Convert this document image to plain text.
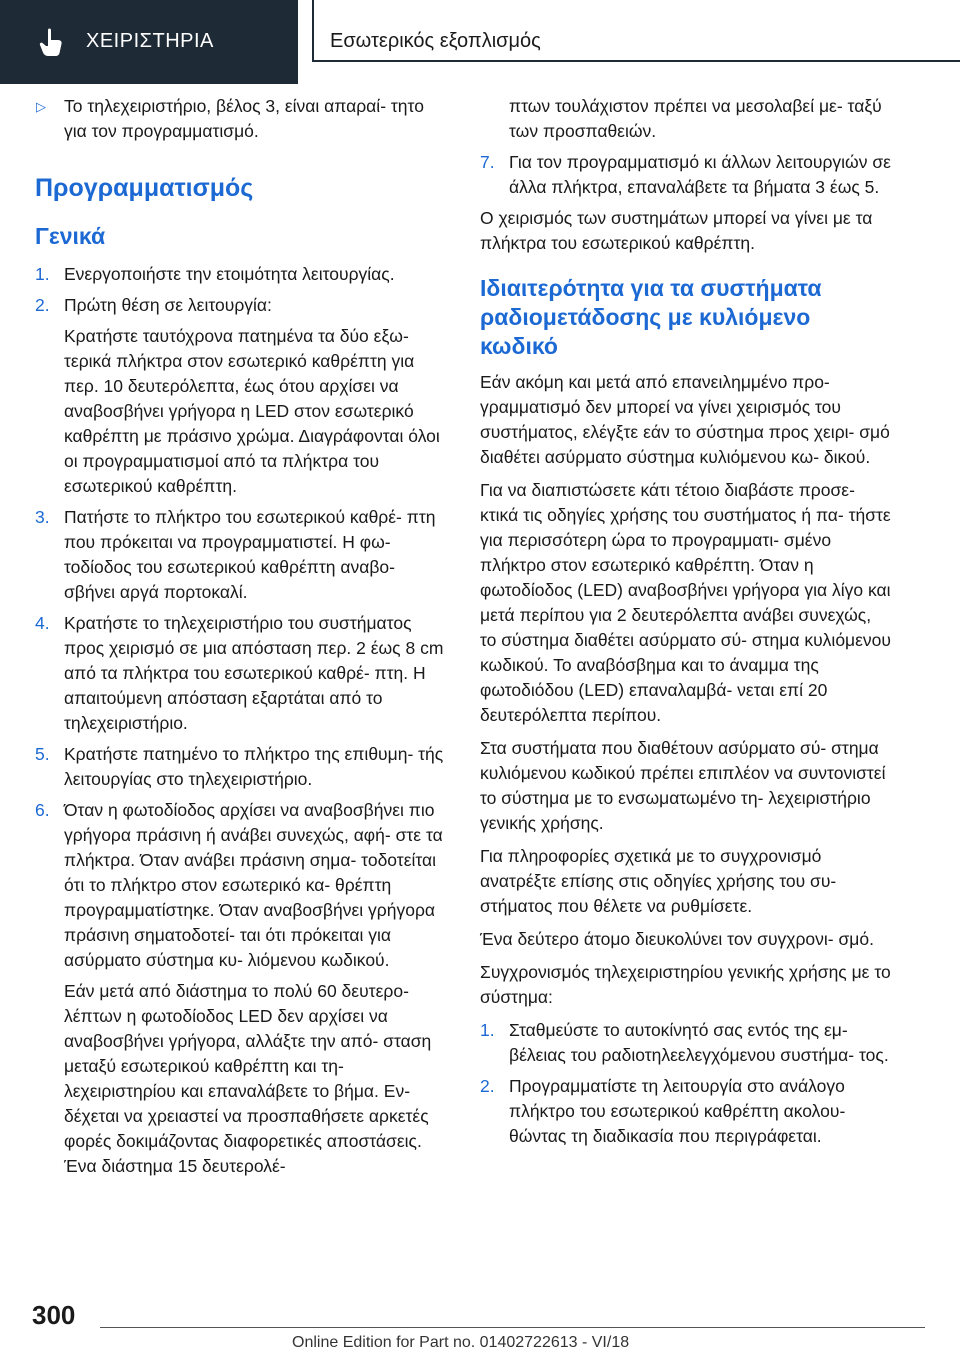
ΧΕΙΡΙΣΤΗΡΙΑ	Εσωτερικός εξοπλισμός

▷ Το τηλεχειριστήριο, βέλος 3, είναι απαραί- τητο για τον προγραμματισμό.

Προγραμματισμός
Γενικά

1. Ενεργοποιήστε την ετοιμότητα λειτουργίας.

2. Πρώτη θέση σε λειτουργία:

Κρατήστε ταυτόχρονα πατημένα τα δύο εξω- τερικά πλήκτρα στον εσωτερικό καθρέπτη για περ. 10 δευτερόλεπτα, έως ότου αρχίσει να αναβοσβήνει γρήγορα η LED στον εσωτερικό καθρέπτη με πράσινο χρώμα. Διαγράφονται όλοι οι προγραμματισμοί από τα πλήκτρα του εσωτερικού καθρέπτη.

3. Πατήστε το πλήκτρο του εσωτερικού καθρέ- πτη που πρόκειται να προγραμματιστεί. Η φω- τοδίοδος του εσωτερικού καθρέπτη αναβο- σβήνει αργά πορτοκαλί.

4. Κρατήστε το τηλεχειριστήριο του συστήματος προς χειρισμό σε μια απόσταση περ. 2 έως 8 cm από τα πλήκτρα του εσωτερικού καθρέ- πτη. Η απαιτούμενη απόσταση εξαρτάται από το τηλεχειριστήριο.

5. Κρατήστε πατημένο το πλήκτρο της επιθυμη- τής λειτουργίας στο τηλεχειριστήριο.

6. Όταν η φωτοδίοδος αρχίσει να αναβοσβήνει πιο γρήγορα πράσινη ή ανάβει συνεχώς, αφή- στε τα πλήκτρα. Όταν ανάβει πράσινη σημα- τοδοτείται ότι το πλήκτρο στον εσωτερικό κα- θρέπτη προγραμματίστηκε. Όταν αναβοσβήνει γρήγορα πράσινη σηματοδοτεί- ται ότι πρόκειται για ασύρματο σύστημα κυ- λιόμενου κωδικού.

Εάν μετά από διάστημα το πολύ 60 δευτερο- λέπτων η φωτοδίοδος LED δεν αρχίσει να αναβοσβήνει γρήγορα, αλλάξτε την από- σταση μεταξύ εσωτερικού καθρέπτη και τη- λεχειριστηρίου και επαναλάβετε το βήμα. Εν- δέχεται να χρειαστεί να προσπαθήσετε αρκετές φορές δοκιμάζοντας διαφορετικές αποστάσεις. Ένα διάστημα 15 δευτερολέ-

πτων τουλάχιστον πρέπει να μεσολαβεί με- ταξύ των προσπαθειών.

7. Για τον προγραμματισμό κι άλλων λειτουργιών σε άλλα πλήκτρα, επαναλάβετε τα βήματα 3 έως 5.

Ο χειρισμός των συστημάτων μπορεί να γίνει με τα πλήκτρα του εσωτερικού καθρέπτη.

Ιδιαιτερότητα για τα συστήματα ραδιομετάδοσης με κυλιόμενο κωδικό

Εάν ακόμη και μετά από επανειλημμένο προ- γραμματισμό δεν μπορεί να γίνει χειρισμός του συστήματος, ελέγξτε εάν το σύστημα προς χειρι- σμό διαθέτει ασύρματο σύστημα κυλιόμενου κω- δικού.

Για να διαπιστώσετε κάτι τέτοιο διαβάστε προσε- κτικά τις οδηγίες χρήσης του συστήματος ή πα- τήστε για περισσότερη ώρα το προγραμματι- σμένο πλήκτρο στον εσωτερικό καθρέπτη. Όταν η φωτοδίοδος (LED) αναβοσβήνει γρήγορα για λίγο και μετά περίπου για 2 δευτερόλεπτα ανάβει συνεχώς, το σύστημα διαθέτει ασύρματο σύ- στημα κυλιόμενου κωδικού. Το αναβόσβημα και το άναμμα της φωτοδιόδου (LED) επαναλαμβά- νεται επί 20 δευτερόλεπτα περίπου.

Στα συστήματα που διαθέτουν ασύρματο σύ- στημα κυλιόμενου κωδικού πρέπει επιπλέον να συντονιστεί το σύστημα με το ενσωματωμένο τη- λεχειριστήριο γενικής χρήσης.

Για πληροφορίες σχετικά με το συγχρονισμό ανατρέξτε επίσης στις οδηγίες χρήσης του συ- στήματος που θέλετε να ρυθμίσετε.

Ένα δεύτερο άτομο διευκολύνει τον συγχρονι- σμό.

Συγχρονισμός τηλεχειριστηρίου γενικής χρήσης με το σύστημα:

1. Σταθμεύστε το αυτοκίνητό σας εντός της εμ- βέλειας του ραδιοτηλεελεγχόμενου συστήμα- τος.

2. Προγραμματίστε τη λειτουργία στο ανάλογο πλήκτρο του εσωτερικού καθρέπτη ακολου- θώντας τη διαδικασία που περιγράφεται.

300
Online Edition for Part no. 01402722613 - VI/18
